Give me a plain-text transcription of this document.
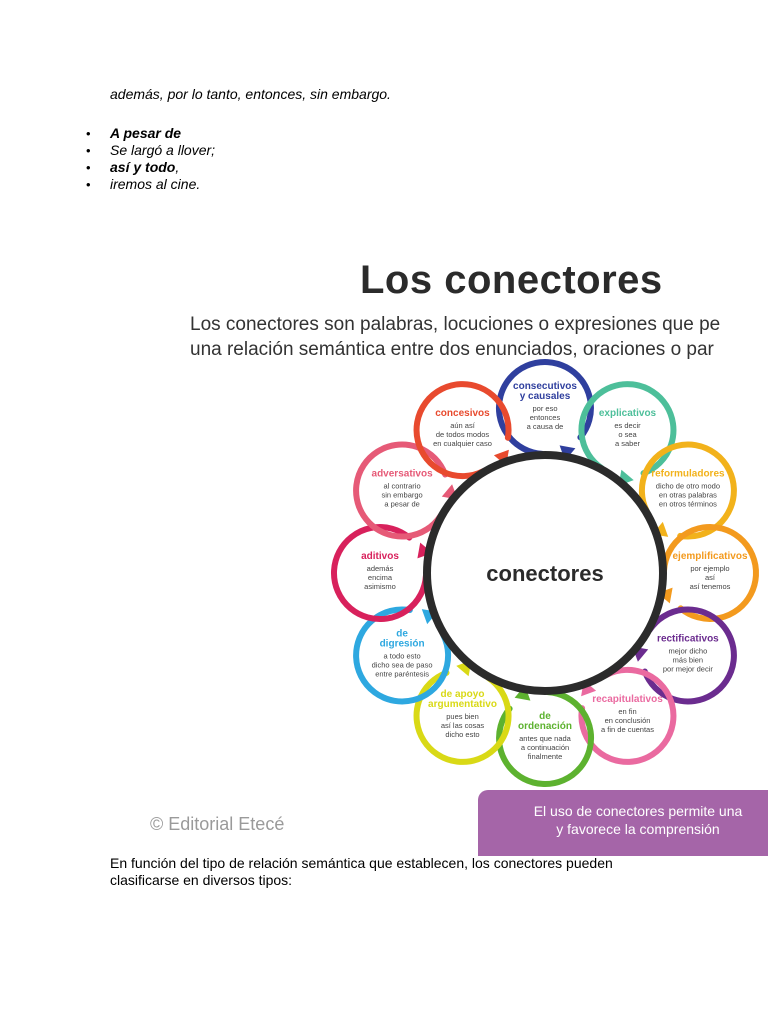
además, por lo tanto, entonces, sin embargo.

• A pesar de
• Se largó a llover;
• así y todo,
• iremos al cine.
Los conectores

Los conectores son palabras, locuciones o expresiones que pe
una relación semántica entre dos enunciados, oraciones o par

consecutivos
y causales
por eso
entonces
a causa de
explicativos
es decir
o sea
a saber
reformuladores
dicho de otro modo
en otras palabras
en otros términos
ejemplificativos
por ejemplo
así
así tenemos
rectificativos
mejor dicho
más bien
por mejor decir
recapitulativos
en fin
en conclusión
a fin de cuentas
de
ordenación
antes que nada
a continuación
finalmente
de apoyo
argumentativo
pues bien
así las cosas
dicho esto
de
digresión
a todo esto
dicho sea de paso
entre paréntesis
aditivos
además
encima
asimismo
adversativos
al contrario
sin embargo
a pesar de
concesivos
aún así
de todos modos
en cualquier caso
conectores
© Editorial Etecé
El uso de conectores permite una
y favorece la comprensión

En función del tipo de relación semántica que establecen, los conectores pueden clasificarse en diversos tipos:
